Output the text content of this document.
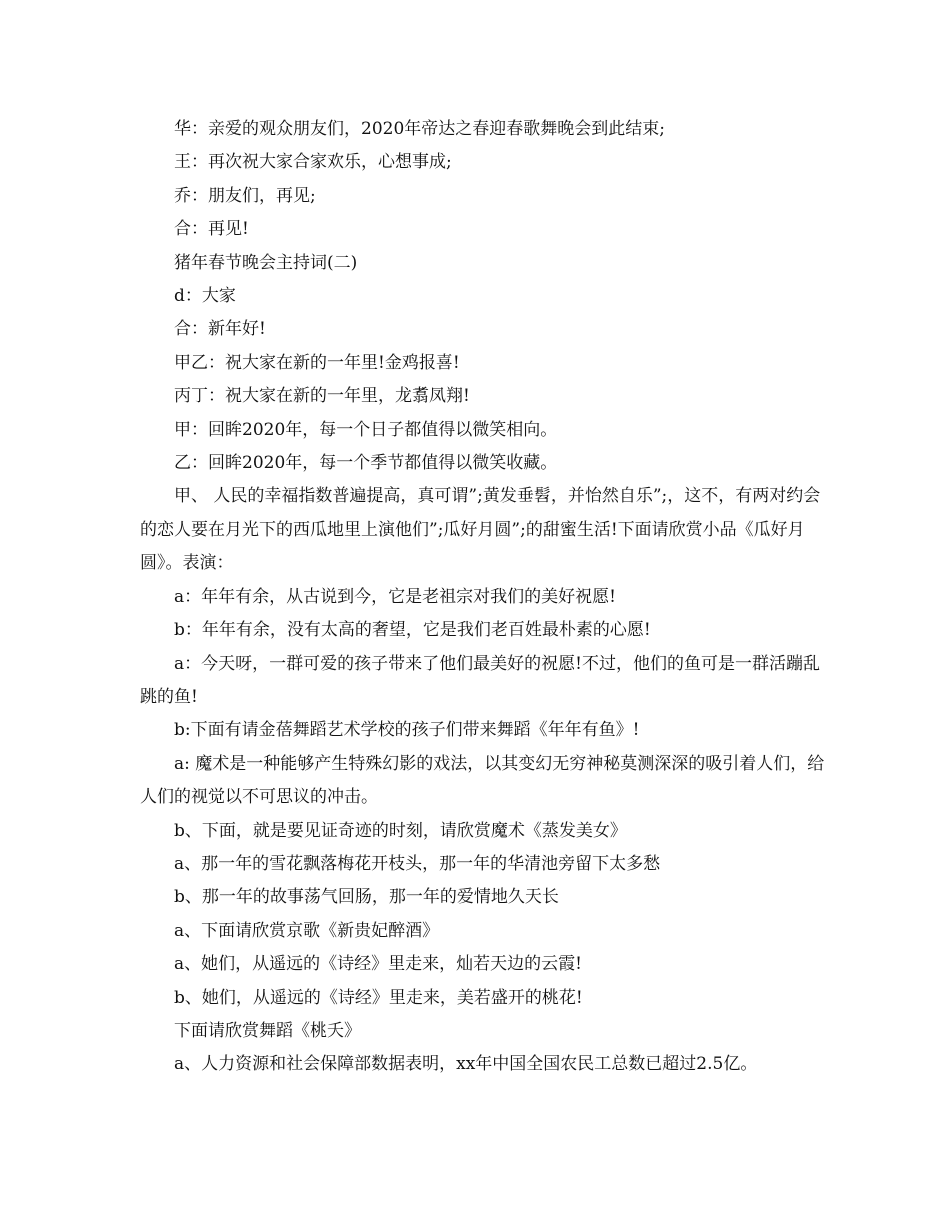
华：亲爱的观众朋友们，2020年帝达之春迎春歌舞晚会到此结束;

王：再次祝大家合家欢乐，心想事成;

乔：朋友们，再见;

合：再见!

猪年春节晚会主持词(二)

d：大家

合：新年好!

甲乙：祝大家在新的一年里!金鸡报喜!

丙丁：祝大家在新的一年里，龙翥凤翔!

甲：回眸2020年，每一个日子都值得以微笑相向。

乙：回眸2020年，每一个季节都值得以微笑收藏。

甲、 人民的幸福指数普遍提高，真可谓”;黄发垂髫，并怡然自乐”;，这不，有两对约会的恋人要在月光下的西瓜地里上演他们”;瓜好月圆”;的甜蜜生活!下面请欣赏小品《瓜好月圆》。表演：

a：年年有余，从古说到今，它是老祖宗对我们的美好祝愿!

b：年年有余，没有太高的奢望，它是我们老百姓最朴素的心愿!

a：今天呀，一群可爱的孩子带来了他们最美好的祝愿!不过，他们的鱼可是一群活蹦乱跳的鱼!

b:下面有请金蓓舞蹈艺术学校的孩子们带来舞蹈《年年有鱼》!

a: 魔术是一种能够产生特殊幻影的戏法，以其变幻无穷神秘莫测深深的吸引着人们，给人们的视觉以不可思议的冲击。

b、下面，就是要见证奇迹的时刻，请欣赏魔术《蒸发美女》

a、那一年的雪花飘落梅花开枝头，那一年的华清池旁留下太多愁

b、那一年的故事荡气回肠，那一年的爱情地久天长

a、下面请欣赏京歌《新贵妃醉酒》

a、她们，从遥远的《诗经》里走来，灿若天边的云霞!

b、她们，从遥远的《诗经》里走来，美若盛开的桃花!

下面请欣赏舞蹈《桃夭》

a、人力资源和社会保障部数据表明，xx年中国全国农民工总数已超过2.5亿。
